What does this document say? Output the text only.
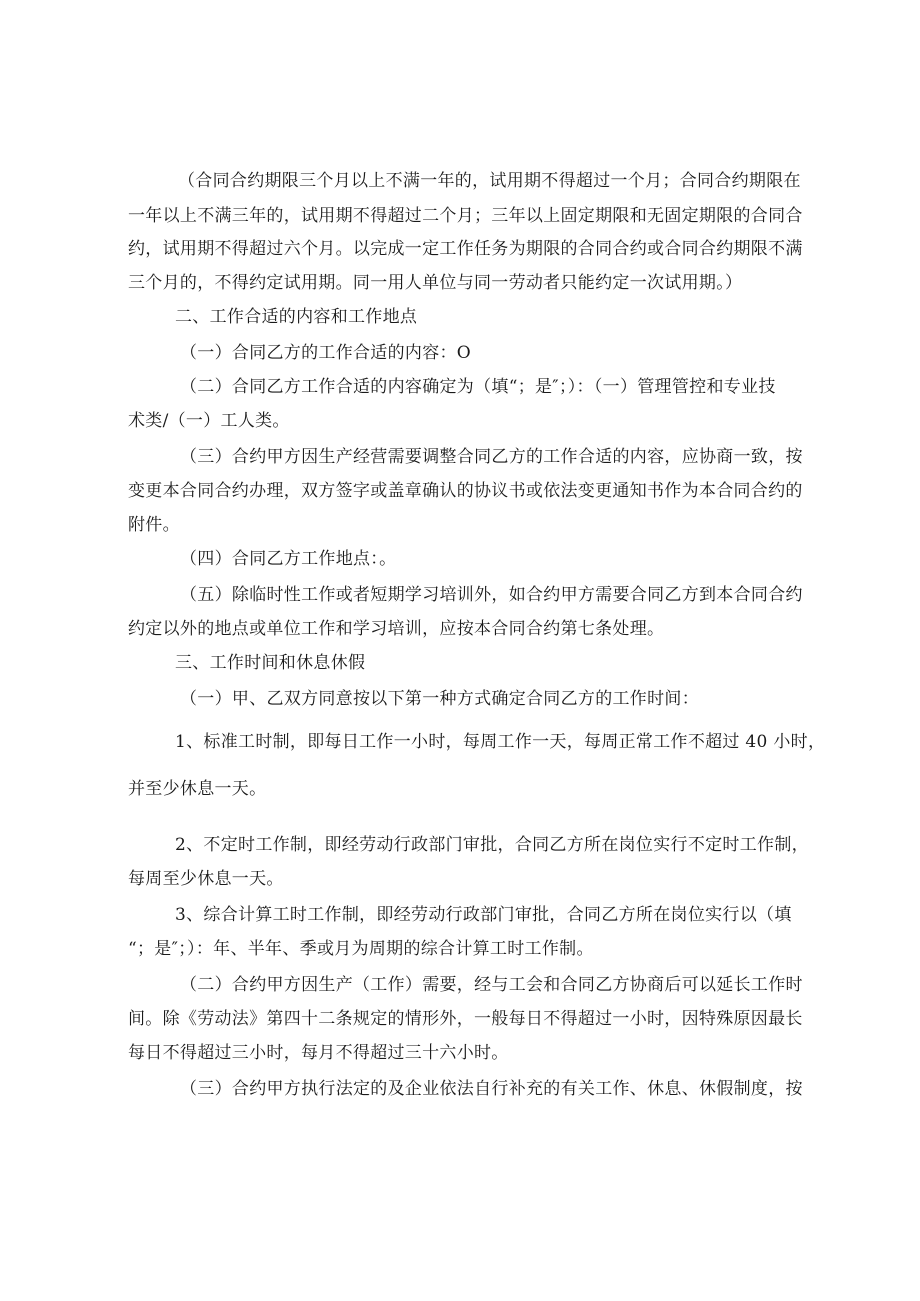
（合同合约期限三个月以上不满一年的，试用期不得超过一个月；合同合约期限在

一年以上不满三年的，试用期不得超过二个月；三年以上固定期限和无固定期限的合同合

约，试用期不得超过六个月。以完成一定工作任务为期限的合同合约或合同合约期限不满

三个月的，不得约定试用期。同一用人单位与同一劳动者只能约定一次试用期。）

二、工作合适的内容和工作地点

（一）合同乙方的工作合适的内容：O

（二）合同乙方工作合适的内容确定为（填“；是″；）：（一）管理管控和专业技

术类/（一）工人类。

（三）合约甲方因生产经营需要调整合同乙方的工作合适的内容，应协商一致，按

变更本合同合约办理，双方签字或盖章确认的协议书或依法变更通知书作为本合同合约的

附件。

（四）合同乙方工作地点：。

（五）除临时性工作或者短期学习培训外，如合约甲方需要合同乙方到本合同合约

约定以外的地点或单位工作和学习培训，应按本合同合约第七条处理。

三、工作时间和休息休假

（一）甲、乙双方同意按以下第一种方式确定合同乙方的工作时间：

1、标准工时制，即每日工作一小时，每周工作一天，每周正常工作不超过 40 小时，

并至少休息一天。

2、不定时工作制，即经劳动行政部门审批，合同乙方所在岗位实行不定时工作制，

每周至少休息一天。

3、综合计算工时工作制，即经劳动行政部门审批，合同乙方所在岗位实行以（填

“；是″；）：年、半年、季或月为周期的综合计算工时工作制。

（二）合约甲方因生产（工作）需要，经与工会和合同乙方协商后可以延长工作时

间。除《劳动法》第四十二条规定的情形外，一般每日不得超过一小时，因特殊原因最长

每日不得超过三小时，每月不得超过三十六小时。

（三）合约甲方执行法定的及企业依法自行补充的有关工作、休息、休假制度，按
